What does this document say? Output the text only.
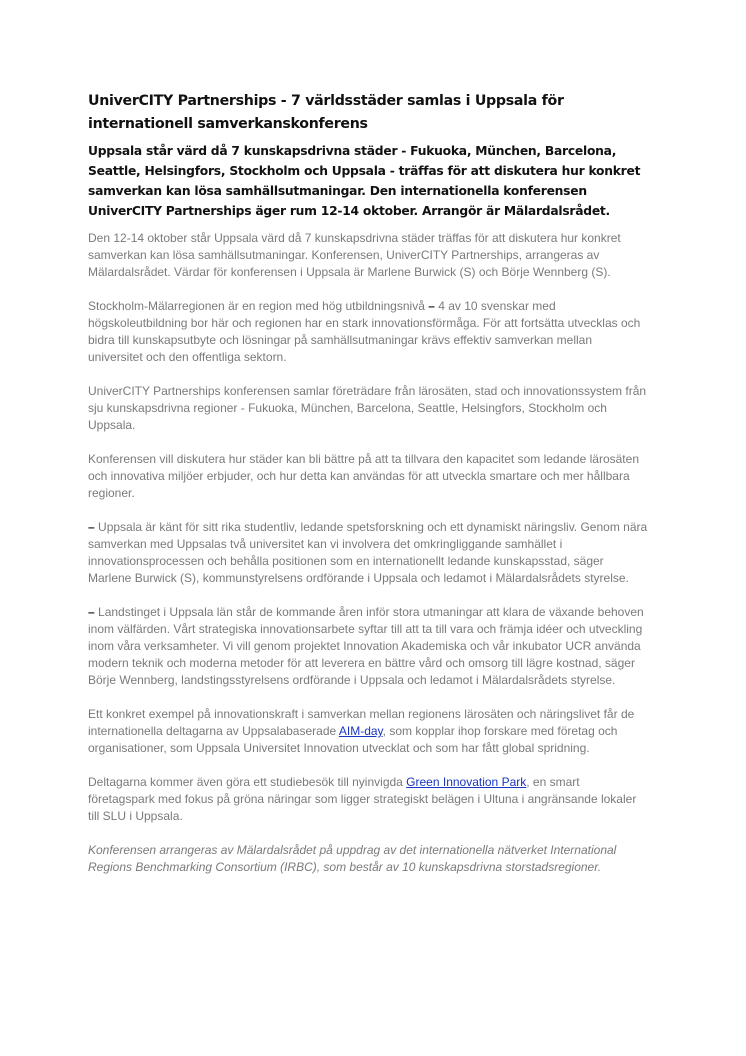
UniverCITY Partnerships - 7 världsstäder samlas i Uppsala för internationell samverkanskonferens

Uppsala står värd då 7 kunskapsdrivna städer - Fukuoka, München, Barcelona, Seattle, Helsingfors, Stockholm och Uppsala - träffas för att diskutera hur konkret samverkan kan lösa samhällsutmaningar. Den internationella konferensen UniverCITY Partnerships äger rum 12-14 oktober. Arrangör är Mälardalsrådet.

Den 12-14 oktober står Uppsala värd då 7 kunskapsdrivna städer träffas för att diskutera hur konkret samverkan kan lösa samhällsutmaningar. Konferensen, UniverCITY Partnerships, arrangeras av Mälardalsrådet. Värdar för konferensen i Uppsala är Marlene Burwick (S) och Börje Wennberg (S).

Stockholm-Mälarregionen är en region med hög utbildningsnivå – 4 av 10 svenskar med högskoleutbildning bor här och regionen har en stark innovationsförmåga. För att fortsätta utvecklas och bidra till kunskapsutbyte och lösningar på samhällsutmaningar krävs effektiv samverkan mellan universitet och den offentliga sektorn.

UniverCITY Partnerships konferensen samlar företrädare från lärosäten, stad och innovationssystem från sju kunskapsdrivna regioner - Fukuoka, München, Barcelona, Seattle, Helsingfors, Stockholm och Uppsala.

Konferensen vill diskutera hur städer kan bli bättre på att ta tillvara den kapacitet som ledande lärosäten och innovativa miljöer erbjuder, och hur detta kan användas för att utveckla smartare och mer hållbara regioner.

– Uppsala är känt för sitt rika studentliv, ledande spetsforskning och ett dynamiskt näringsliv. Genom nära samverkan med Uppsalas två universitet kan vi involvera det omkringliggande samhället i innovationsprocessen och behålla positionen som en internationellt ledande kunskapsstad, säger Marlene Burwick (S), kommunstyrelsens ordförande i Uppsala och ledamot i Mälardalsrådets styrelse.

– Landstinget i Uppsala län står de kommande åren inför stora utmaningar att klara de växande behoven inom välfärden. Vårt strategiska innovationsarbete syftar till att ta till vara och främja idéer och utveckling inom våra verksamheter. Vi vill genom projektet Innovation Akademiska och vår inkubator UCR använda modern teknik och moderna metoder för att leverera en bättre vård och omsorg till lägre kostnad, säger Börje Wennberg, landstingsstyrelsens ordförande i Uppsala och ledamot i Mälardalsrådets styrelse.

Ett konkret exempel på innovationskraft i samverkan mellan regionens lärosäten och näringslivet får de internationella deltagarna av Uppsalabaserade AIM-day, som kopplar ihop forskare med företag och organisationer, som Uppsala Universitet Innovation utvecklat och som har fått global spridning.

Deltagarna kommer även göra ett studiebesök till nyinvigda Green Innovation Park, en smart företagspark med fokus på gröna näringar som ligger strategiskt belägen i Ultuna i angränsande lokaler till SLU i Uppsala.

Konferensen arrangeras av Mälardalsrådet på uppdrag av det internationella nätverket International Regions Benchmarking Consortium (IRBC), som består av 10 kunskapsdrivna storstadsregioner.
